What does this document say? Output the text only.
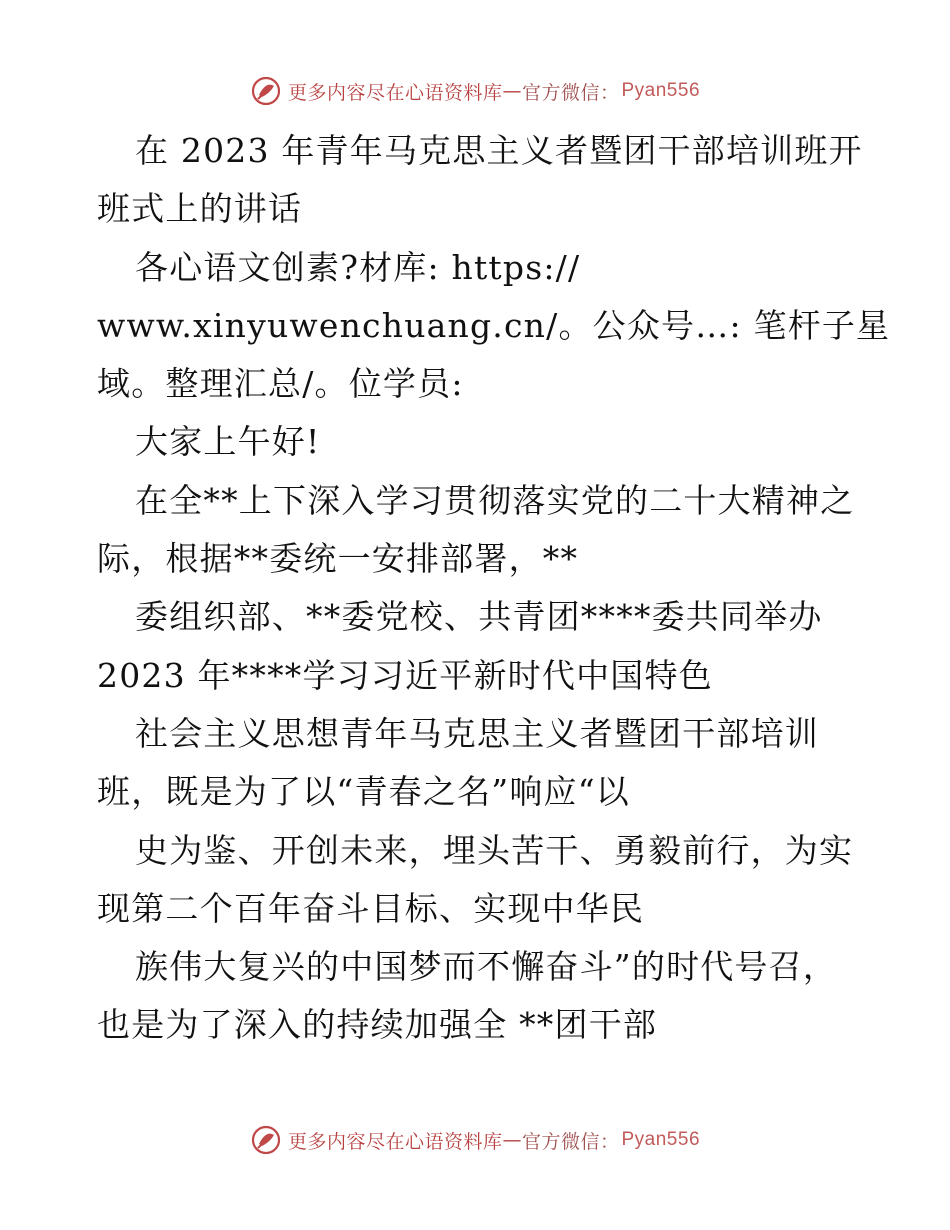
更多内容尽在心语资料库 — 官方微信： Pyan556
在 2023 年青年马克思主义者暨团干部培训班开
班式上的讲话
各心语文创素?材库: https://
www.xinyuwenchuang.cn/。公众号…: 笔杆子星
域。整理汇总/。位学员:
大家上午好!
在全**上下深入学习贯彻落实党的二十大精神之
际，根据**委统一安排部署，**
委组织部、**委党校、共青团****委共同举办
2023 年****学习习近平新时代中国特色
社会主义思想青年马克思主义者暨团干部培训
班，既是为了以“青春之名”响应“以
史为鉴、开创未来，埋头苦干、勇毅前行，为实
现第二个百年奋斗目标、实现中华民
族伟大复兴的中国梦而不懈奋斗”的时代号召，
也是为了深入的持续加强全 **团干部
更多内容尽在心语资料库 — 官方微信： Pyan556
